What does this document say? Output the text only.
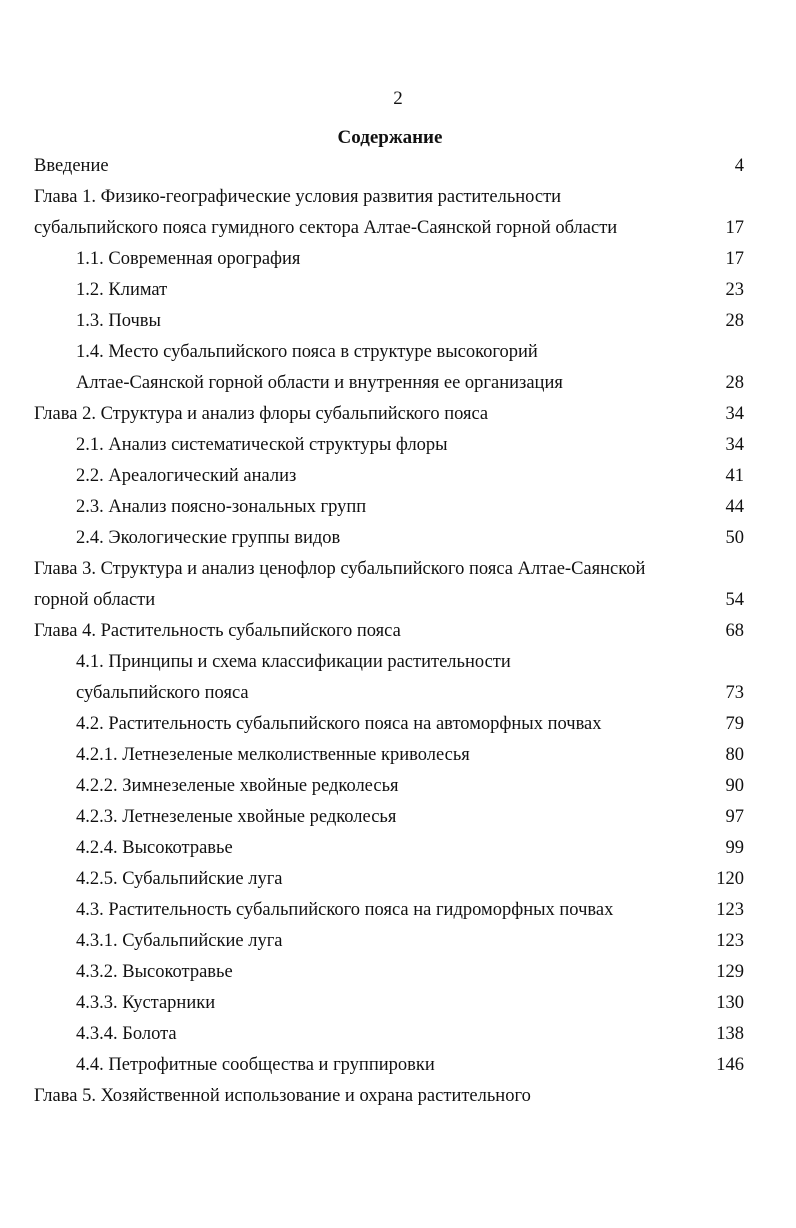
2
Содержание
Введение	4
Глава 1. Физико-географические условия развития растительности
субальпийского пояса гумидного сектора Алтае-Саянской горной области	17
1.1. Современная орография	17
1.2. Климат	23
1.3. Почвы	28
1.4. Место субальпийского пояса в структуре высокогорий
Алтае-Саянской горной области и внутренняя ее организация	28
Глава 2. Структура и анализ флоры субальпийского пояса	34
2.1. Анализ систематической структуры флоры	34
2.2. Ареалогический анализ	41
2.3. Анализ поясно-зональных групп	44
2.4. Экологические группы видов	50
Глава 3. Структура и анализ ценофлор субальпийского пояса Алтае-Саянской
горной области	54
Глава 4. Растительность субальпийского пояса	68
4.1. Принципы и схема классификации растительности
субальпийского пояса	73
4.2. Растительность субальпийского пояса на автоморфных почвах	79
4.2.1. Летнезеленые мелколиственные криволесья	80
4.2.2. Зимнезеленые хвойные редколесья	90
4.2.3. Летнезеленые хвойные редколесья	97
4.2.4. Высокотравье	99
4.2.5. Субальпийские луга	120
4.3. Растительность субальпийского пояса на гидроморфных почвах	123
4.3.1. Субальпийские луга	123
4.3.2. Высокотравье	129
4.3.3. Кустарники	130
4.3.4. Болота	138
4.4. Петрофитные сообщества и группировки	146
Глава 5. Хозяйственной использование и охрана растительного
